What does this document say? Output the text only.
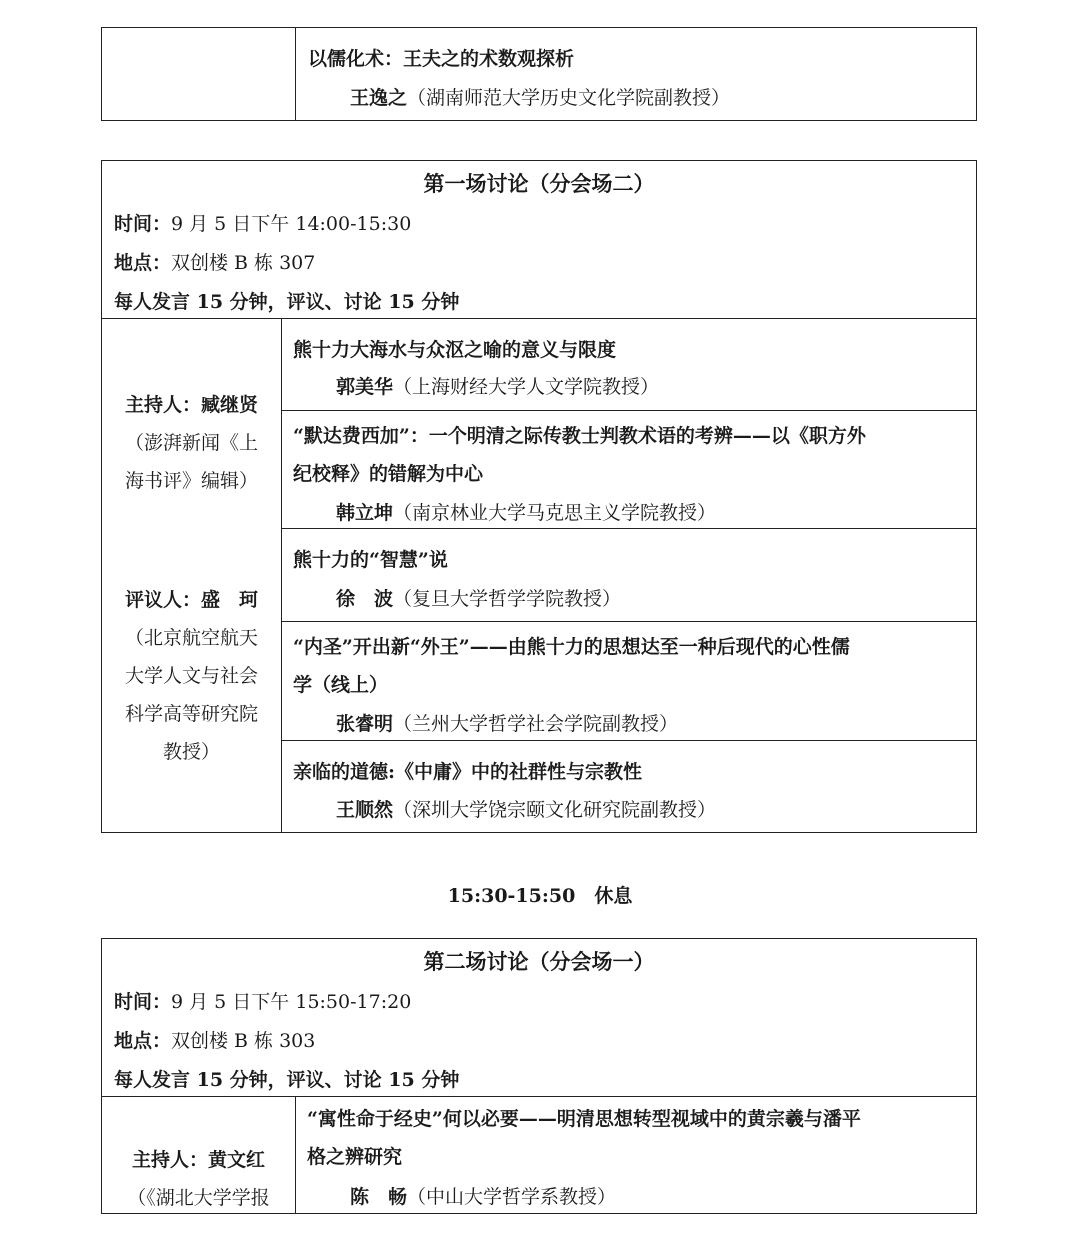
以儒化术：王夫之的术数观探析
王逸之（湖南师范大学历史文化学院副教授）
第一场讨论（分会场二）
时间：9 月 5 日下午 14:00-15:30
地点：双创楼 B 栋 307
每人发言 15 分钟，评议、讨论 15 分钟
主持人：臧继贤
（澎湃新闻《上
海书评》编辑）
评议人：盛　珂
（北京航空航天
大学人文与社会
科学高等研究院
教授）
熊十力大海水与众沤之喻的意义与限度
郭美华（上海财经大学人文学院教授）
“默达费西加”：一个明清之际传教士判教术语的考辨——以《职方外
纪校释》的错解为中心
韩立坤（南京林业大学马克思主义学院教授）
熊十力的“智慧”说
徐　波（复旦大学哲学学院教授）
“内圣”开出新“外王”——由熊十力的思想达至一种后现代的心性儒
学（线上）
张睿明（兰州大学哲学社会学院副教授）
亲临的道德:《中庸》中的社群性与宗教性
王顺然（深圳大学饶宗颐文化研究院副教授）
15:30-15:50　休息
第二场讨论（分会场一）
时间：9 月 5 日下午 15:50-17:20
地点：双创楼 B 栋 303
每人发言 15 分钟，评议、讨论 15 分钟
主持人：黄文红
（《湖北大学学报
“寓性命于经史”何以必要——明清思想转型视域中的黄宗羲与潘平
格之辨研究
陈　畅（中山大学哲学系教授）
